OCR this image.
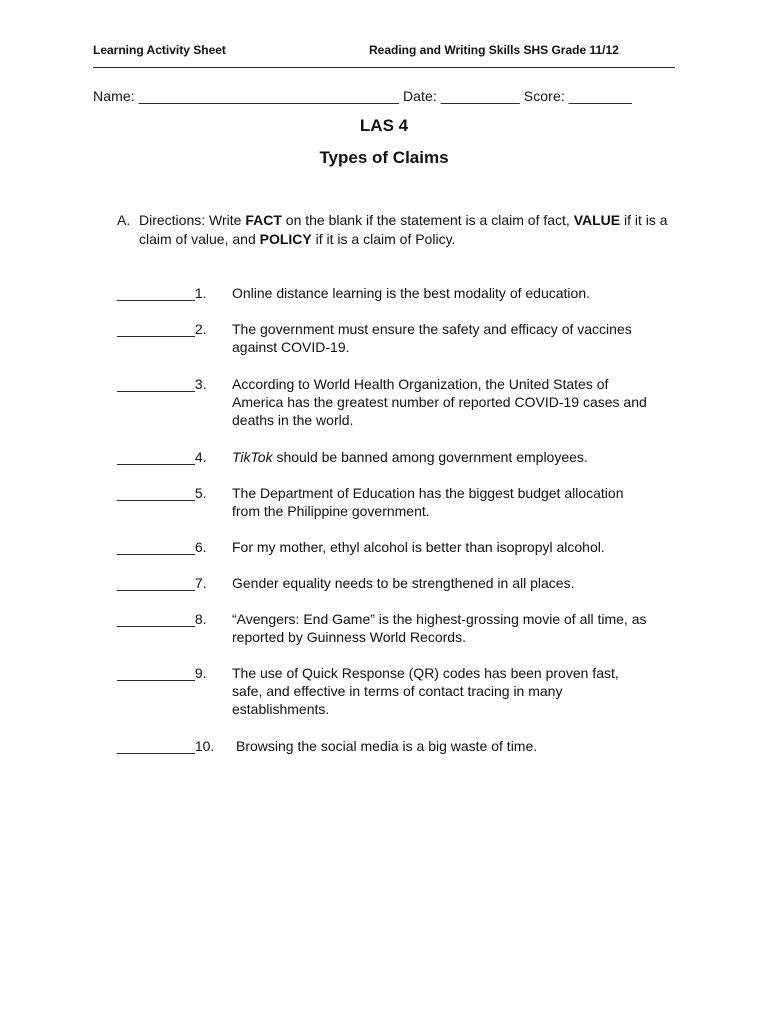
Learning Activity Sheet	Reading and Writing Skills SHS Grade 11/12
Name: _________________________________ Date: __________ Score: ________
LAS 4
Types of Claims
A. Directions: Write FACT on the blank if the statement is a claim of fact, VALUE if it is a claim of value, and POLICY if it is a claim of Policy.
__________1. Online distance learning is the best modality of education.
__________2. The government must ensure the safety and efficacy of vaccines against COVID-19.
__________3. According to World Health Organization, the United States of America has the greatest number of reported COVID-19 cases and deaths in the world.
__________4. TikTok should be banned among government employees.
__________5. The Department of Education has the biggest budget allocation from the Philippine government.
__________6. For my mother, ethyl alcohol is better than isopropyl alcohol.
__________7. Gender equality needs to be strengthened in all places.
__________8. “Avengers: End Game” is the highest-grossing movie of all time, as reported by Guinness World Records.
__________9. The use of Quick Response (QR) codes has been proven fast, safe, and effective in terms of contact tracing in many establishments.
__________10. Browsing the social media is a big waste of time.
